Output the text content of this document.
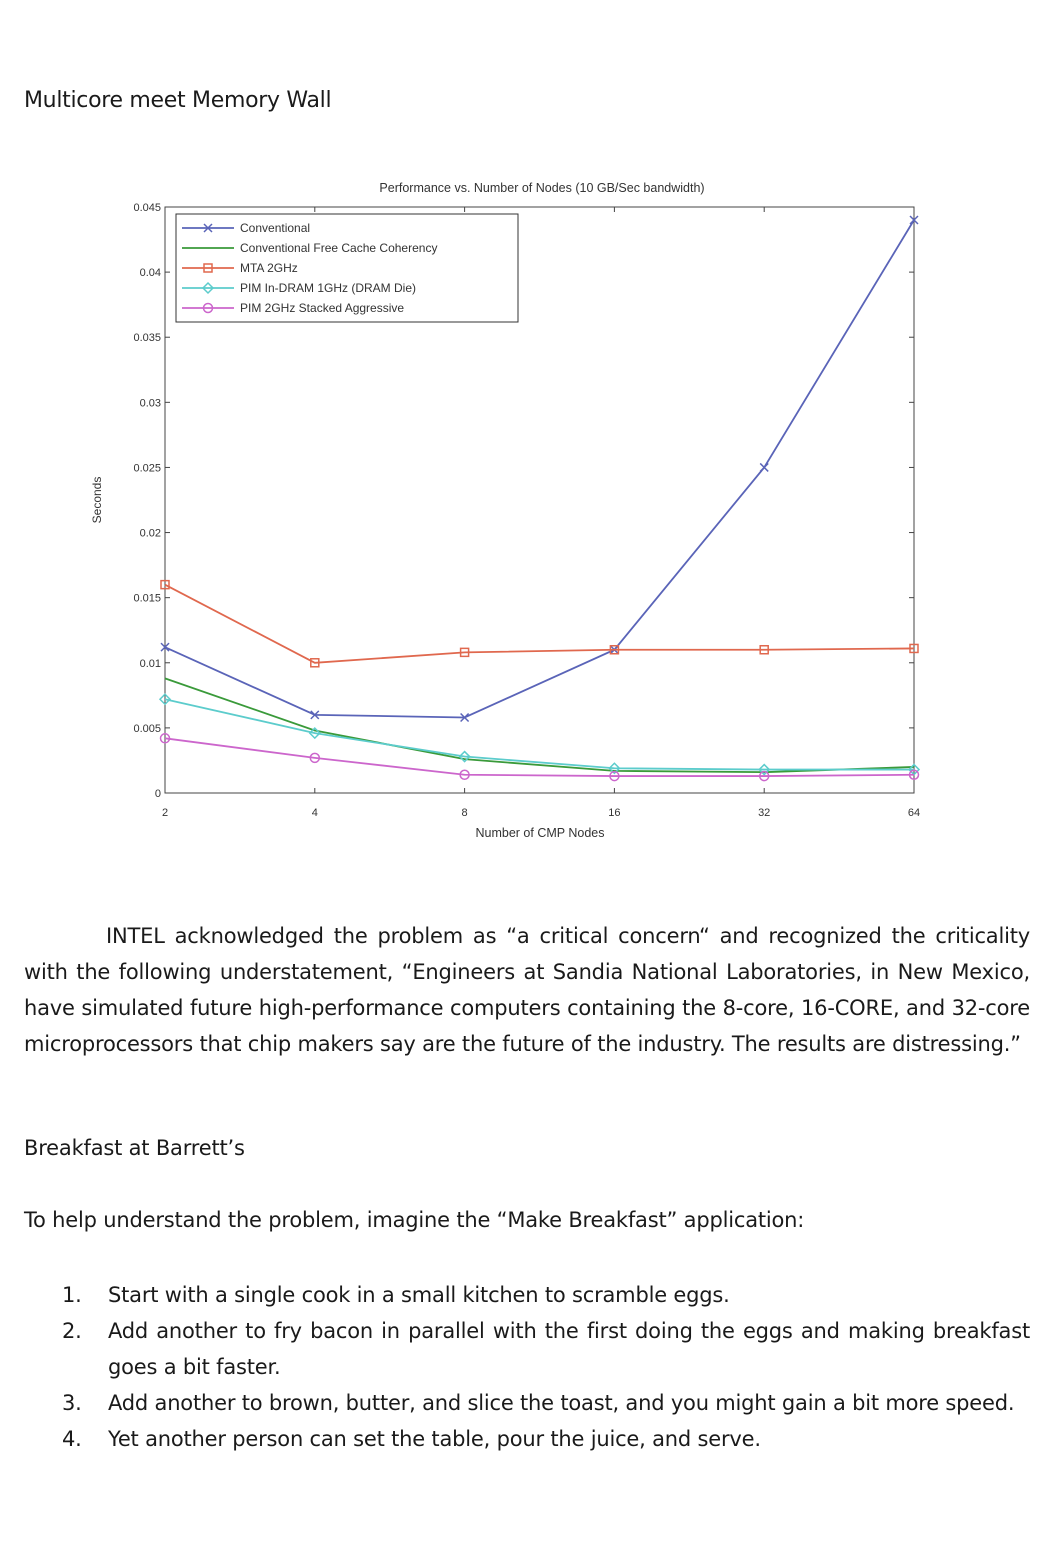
Multicore meet Memory Wall
Performance vs. Number of Nodes (10 GB/Sec bandwidth)
0
0.005
0.01
0.015
0.02
0.025
0.03
0.035
0.04
0.045
2	4	8	16	32	64
Seconds
Number of CMP Nodes
Conventional
Conventional Free Cache Coherency
MTA 2GHz
PIM In-DRAM 1GHz (DRAM Die)
PIM 2GHz Stacked Aggressive

INTEL acknowledged the problem as “a critical concern“ and recognized the criticality with the following understatement, “Engineers at Sandia National Laboratories, in New Mexico, have simulated future high-performance computers containing the 8-core, 16-CORE, and 32-core microprocessors that chip makers say are the future of the industry. The results are distressing.”

Breakfast at Barrett’s
To help understand the problem, imagine the “Make Breakfast” application:
1. Start with a single cook in a small kitchen to scramble eggs.
2. Add another to fry bacon in parallel with the first doing the eggs and making breakfast goes a bit faster.
3. Add another to brown, butter, and slice the toast, and you might gain a bit more speed.
4. Yet another person can set the table, pour the juice, and serve.
